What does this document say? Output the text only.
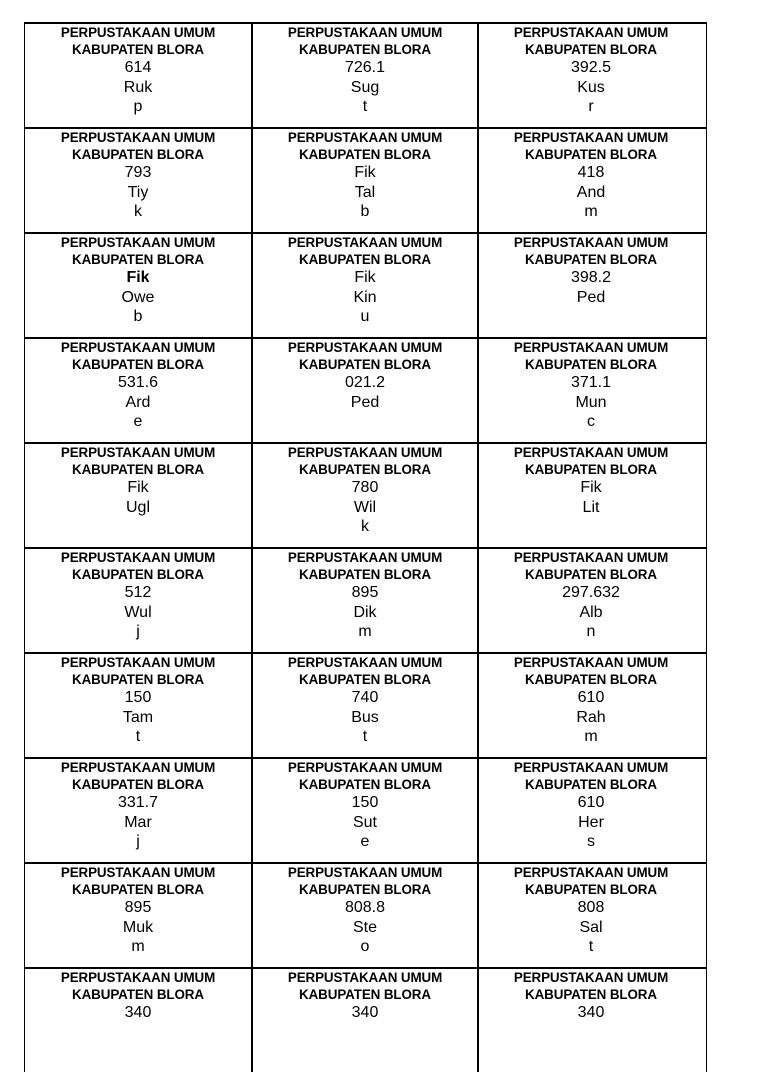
PERPUSTAKAAN UMUM
KABUPATEN BLORA
614
Ruk
p
PERPUSTAKAAN UMUM
KABUPATEN BLORA
726.1
Sug
t
PERPUSTAKAAN UMUM
KABUPATEN BLORA
392.5
Kus
r
PERPUSTAKAAN UMUM
KABUPATEN BLORA
793
Tiy
k
PERPUSTAKAAN UMUM
KABUPATEN BLORA
Fik
Tal
b
PERPUSTAKAAN UMUM
KABUPATEN BLORA
418
And
m
PERPUSTAKAAN UMUM
KABUPATEN BLORA
Fik
Owe
b
PERPUSTAKAAN UMUM
KABUPATEN BLORA
Fik
Kin
u
PERPUSTAKAAN UMUM
KABUPATEN BLORA
398.2
Ped
PERPUSTAKAAN UMUM
KABUPATEN BLORA
531.6
Ard
e
PERPUSTAKAAN UMUM
KABUPATEN BLORA
021.2
Ped
PERPUSTAKAAN UMUM
KABUPATEN BLORA
371.1
Mun
c
PERPUSTAKAAN UMUM
KABUPATEN BLORA
Fik
Ugl
PERPUSTAKAAN UMUM
KABUPATEN BLORA
780
Wil
k
PERPUSTAKAAN UMUM
KABUPATEN BLORA
Fik
Lit
PERPUSTAKAAN UMUM
KABUPATEN BLORA
512
Wul
j
PERPUSTAKAAN UMUM
KABUPATEN BLORA
895
Dik
m
PERPUSTAKAAN UMUM
KABUPATEN BLORA
297.632
Alb
n
PERPUSTAKAAN UMUM
KABUPATEN BLORA
150
Tam
t
PERPUSTAKAAN UMUM
KABUPATEN BLORA
740
Bus
t
PERPUSTAKAAN UMUM
KABUPATEN BLORA
610
Rah
m
PERPUSTAKAAN UMUM
KABUPATEN BLORA
331.7
Mar
j
PERPUSTAKAAN UMUM
KABUPATEN BLORA
150
Sut
e
PERPUSTAKAAN UMUM
KABUPATEN BLORA
610
Her
s
PERPUSTAKAAN UMUM
KABUPATEN BLORA
895
Muk
m
PERPUSTAKAAN UMUM
KABUPATEN BLORA
808.8
Ste
o
PERPUSTAKAAN UMUM
KABUPATEN BLORA
808
Sal
t
PERPUSTAKAAN UMUM
KABUPATEN BLORA
340
PERPUSTAKAAN UMUM
KABUPATEN BLORA
340
PERPUSTAKAAN UMUM
KABUPATEN BLORA
340
